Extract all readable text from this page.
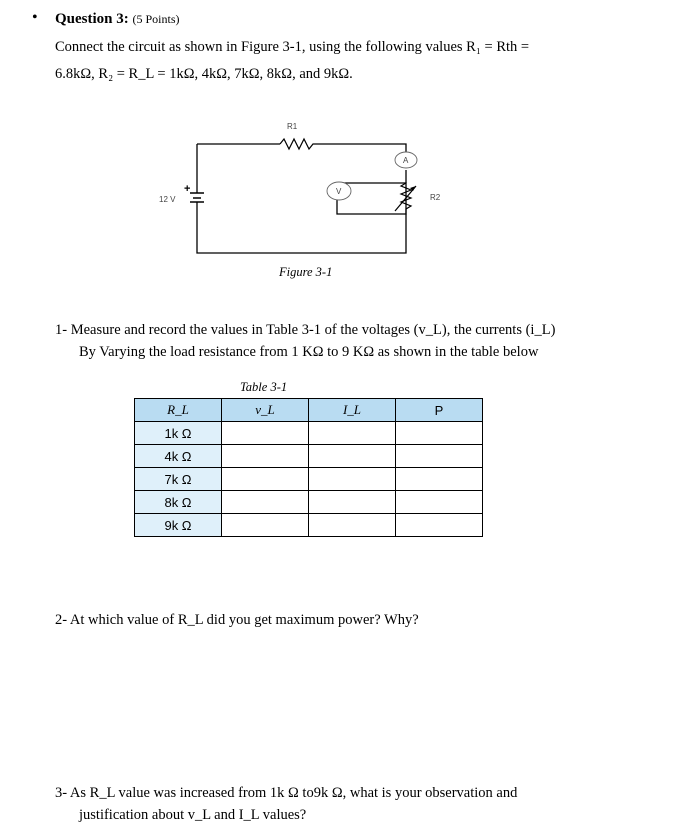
• Question 3: (5 Points)
Connect the circuit as shown in Figure 3-1, using the following values R₁ = Rth =
6.8kΩ, R₂ = R_L = 1kΩ, 4kΩ, 7kΩ, 8kΩ, and 9kΩ.
R1
+
12 V
A
V
R2
Figure 3-1
1- Measure and record the values in Table 3-1 of the voltages (v_L), the currents (i_L)
By Varying the load resistance from 1 KΩ to 9 KΩ as shown in the table below
Table 3-1
R_L	v_L	I_L	P
1k Ω			
4k Ω			
7k Ω			
8k Ω			
9k Ω			
2- At which value of R_L did you get maximum power? Why?
3- As R_L value was increased from 1k Ω to9k Ω, what is your observation and
justification about v_L and I_L values?
